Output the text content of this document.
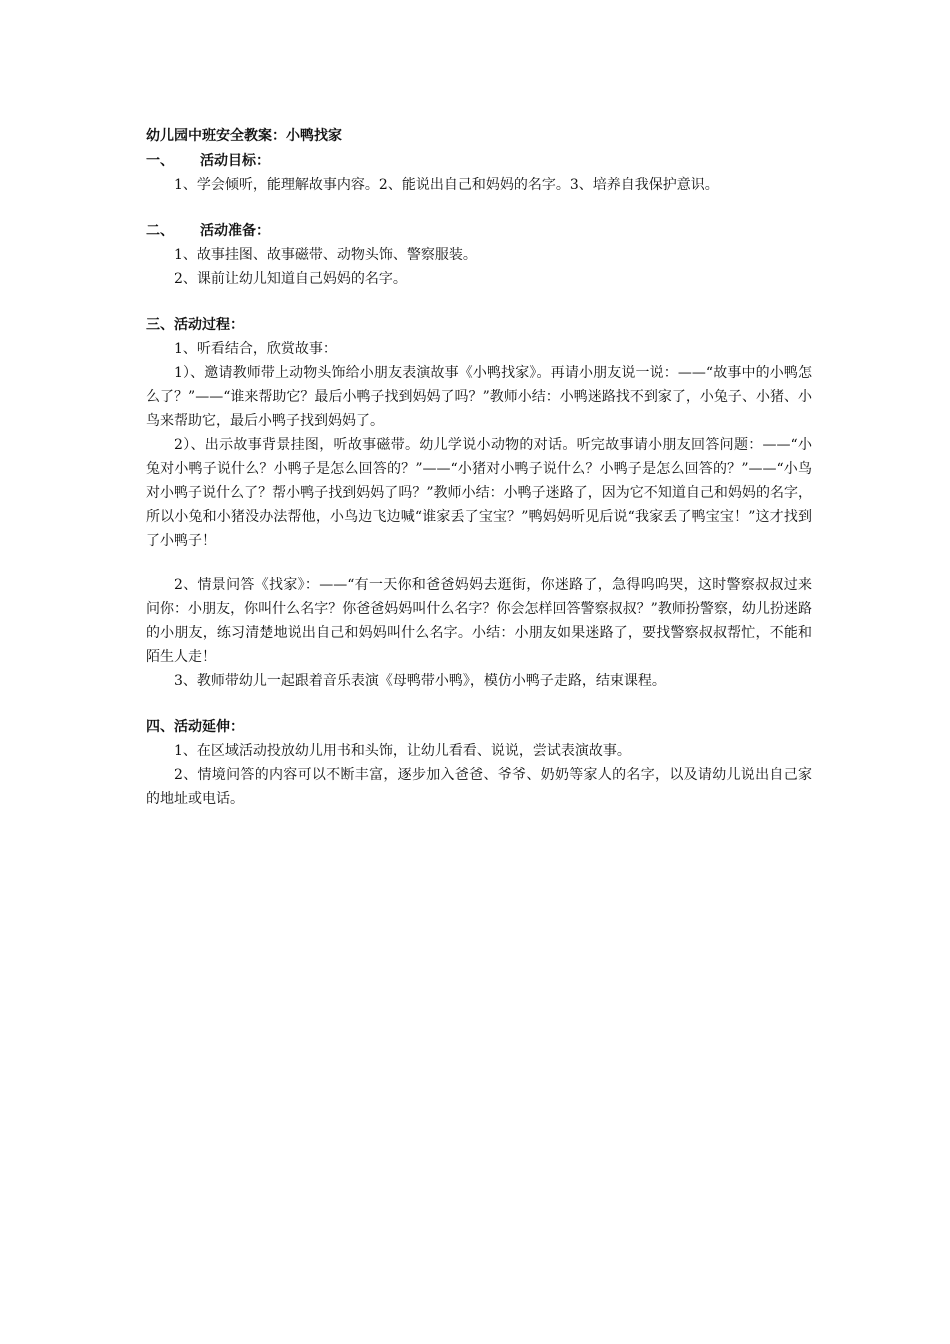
幼儿园中班安全教案：小鸭找家

一、 活动目标：

1、学会倾听，能理解故事内容。2、能说出自己和妈妈的名字。3、培养自我保护意识。

二、 活动准备：

1、故事挂图、故事磁带、动物头饰、警察服装。

2、课前让幼儿知道自己妈妈的名字。

三、活动过程：

1、听看结合，欣赏故事：

1）、邀请教师带上动物头饰给小朋友表演故事《小鸭找家》。再请小朋友说一说：——“故事中的小鸭怎么了？”——“谁来帮助它？最后小鸭子找到妈妈了吗？”教师小结：小鸭迷路找不到家了，小兔子、小猪、小鸟来帮助它，最后小鸭子找到妈妈了。

2）、出示故事背景挂图，听故事磁带。幼儿学说小动物的对话。听完故事请小朋友回答问题：——“小兔对小鸭子说什么？小鸭子是怎么回答的？”——“小猪对小鸭子说什么？小鸭子是怎么回答的？”——“小鸟对小鸭子说什么了？帮小鸭子找到妈妈了吗？”教师小结：小鸭子迷路了，因为它不知道自己和妈妈的名字，所以小兔和小猪没办法帮他，小鸟边飞边喊“谁家丢了宝宝？”鸭妈妈听见后说“我家丢了鸭宝宝！”这才找到了小鸭子！

2、情景问答《找家》：——“有一天你和爸爸妈妈去逛街，你迷路了，急得呜呜哭，这时警察叔叔过来问你：小朋友，你叫什么名字？你爸爸妈妈叫什么名字？你会怎样回答警察叔叔？”教师扮警察，幼儿扮迷路的小朋友，练习清楚地说出自己和妈妈叫什么名字。小结：小朋友如果迷路了，要找警察叔叔帮忙，不能和陌生人走！

3、教师带幼儿一起跟着音乐表演《母鸭带小鸭》，模仿小鸭子走路，结束课程。

四、活动延伸：

1、在区域活动投放幼儿用书和头饰，让幼儿看看、说说，尝试表演故事。

2、情境问答的内容可以不断丰富，逐步加入爸爸、爷爷、奶奶等家人的名字，以及请幼儿说出自己家的地址或电话。
